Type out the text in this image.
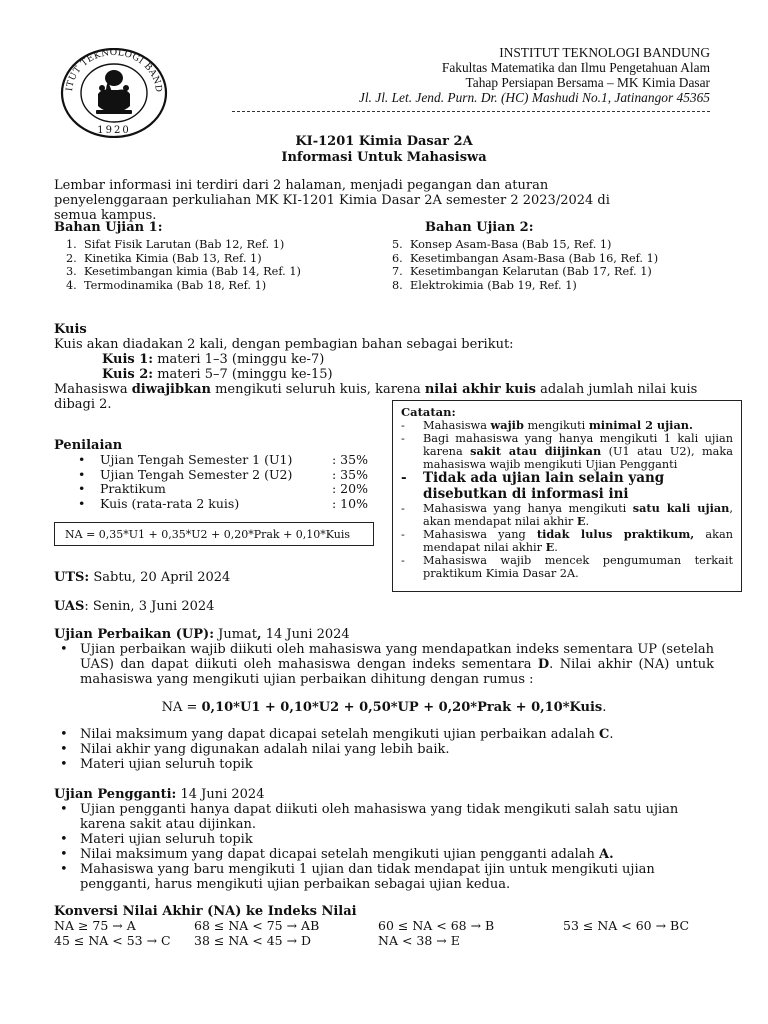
ITUT TEKNOLOGI BAND
1920
INSTITUT TEKNOLOGI BANDUNG
Fakultas Matematika dan Ilmu Pengetahuan Alam
Tahap Persiapan Bersama – MK Kimia Dasar
Jl. Jl. Let. Jend. Purn. Dr. (HC) Mashudi No.1, Jatinangor 45365
KI-1201 Kimia Dasar 2A
Informasi Untuk Mahasiswa
Lembar informasi ini terdiri dari 2 halaman, menjadi pegangan dan aturan penyelenggaraan perkuliahan MK KI-1201 Kimia Dasar 2A semester 2 2023/2024 di semua kampus.
Bahan Ujian 1:	Bahan Ujian 2:
1. Sifat Fisik Larutan (Bab 12, Ref. 1)
2. Kinetika Kimia (Bab 13, Ref. 1)
3. Kesetimbangan kimia (Bab 14, Ref. 1)
4. Termodinamika (Bab 18, Ref. 1)
5. Konsep Asam-Basa (Bab 15, Ref. 1)
6. Kesetimbangan Asam-Basa (Bab 16, Ref. 1)
7. Kesetimbangan Kelarutan (Bab 17, Ref. 1)
8. Elektrokimia (Bab 19, Ref. 1)
Kuis
Kuis akan diadakan 2 kali, dengan pembagian bahan sebagai berikut:
Kuis 1: materi 1–3 (minggu ke-7)
Kuis 2: materi 5–7 (minggu ke-15)
Mahasiswa diwajibkan mengikuti seluruh kuis, karena nilai akhir kuis adalah jumlah nilai kuis dibagi 2.
Penilaian
• Ujian Tengah Semester 1 (U1)	: 35%
• Ujian Tengah Semester 2 (U2)	: 35%
• Praktikum	: 20%
• Kuis (rata-rata 2 kuis)	: 10%
NA = 0,35*U1 + 0,35*U2 + 0,20*Prak + 0,10*Kuis
Catatan:
- Mahasiswa wajib mengikuti minimal 2 ujian.
- Bagi mahasiswa yang hanya mengikuti 1 kali ujian karena sakit atau diijinkan (U1 atau U2), maka mahasiswa wajib mengikuti Ujian Pengganti
- Tidak ada ujian lain selain yang disebutkan di informasi ini
- Mahasiswa yang hanya mengikuti satu kali ujian, akan mendapat nilai akhir E.
- Mahasiswa yang tidak lulus praktikum, akan mendapat nilai akhir E.
- Mahasiswa wajib mencek pengumuman terkait praktikum Kimia Dasar 2A.
UTS: Sabtu, 20 April 2024
UAS: Senin, 3 Juni 2024
Ujian Perbaikan (UP): Jumat, 14 Juni 2024
• Ujian perbaikan wajib diikuti oleh mahasiswa yang mendapatkan indeks sementara UP (setelah UAS) dan dapat diikuti oleh mahasiswa dengan indeks sementara D. Nilai akhir (NA) untuk mahasiswa yang mengikuti ujian perbaikan dihitung dengan rumus :
NA = 0,10*U1 + 0,10*U2 + 0,50*UP + 0,20*Prak + 0,10*Kuis.
• Nilai maksimum yang dapat dicapai setelah mengikuti ujian perbaikan adalah C.
• Nilai akhir yang digunakan adalah nilai yang lebih baik.
• Materi ujian seluruh topik
Ujian Pengganti: 14 Juni 2024
• Ujian pengganti hanya dapat diikuti oleh mahasiswa yang tidak mengikuti salah satu ujian karena sakit atau dijinkan.
• Materi ujian seluruh topik
• Nilai maksimum yang dapat dicapai setelah mengikuti ujian pengganti adalah A.
• Mahasiswa yang baru mengikuti 1 ujian dan tidak mendapat ijin untuk mengikuti ujian pengganti, harus mengikuti ujian perbaikan sebagai ujian kedua.
Konversi Nilai Akhir (NA) ke Indeks Nilai
NA ≥ 75 → A	68 ≤ NA < 75 → AB	60 ≤ NA < 68 → B	53 ≤ NA < 60 → BC
45 ≤ NA < 53 → C 38 ≤ NA < 45 → D	NA < 38 → E
